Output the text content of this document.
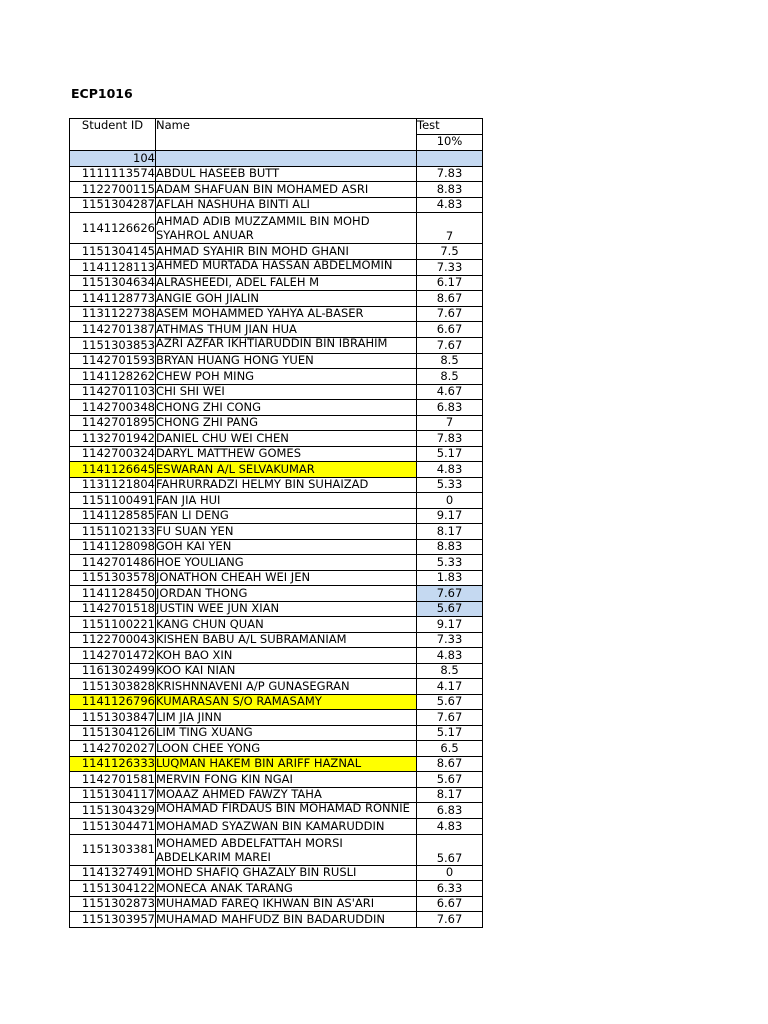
ECP1016
Student ID	Name	Test
		10%
104		
1111113574	ABDUL HASEEB BUTT	7.83
1122700115	ADAM SHAFUAN BIN MOHAMED ASRI	8.83
1151304287	AFLAH NASHUHA BINTI ALI	4.83
1141126626	AHMAD ADIB MUZZAMMIL BIN MOHD SYAHROL ANUAR	7
1151304145	AHMAD SYAHIR BIN MOHD GHANI	7.5
1141128113	AHMED MURTADA HASSAN ABDELMOMIN	7.33
1151304634	ALRASHEEDI, ADEL FALEH M	6.17
1141128773	ANGIE GOH JIALIN	8.67
1131122738	ASEM MOHAMMED YAHYA AL-BASER	7.67
1142701387	ATHMAS THUM JIAN HUA	6.67
1151303853	AZRI AZFAR IKHTIARUDDIN BIN IBRAHIM	7.67
1142701593	BRYAN HUANG HONG YUEN	8.5
1141128262	CHEW POH MING	8.5
1142701103	CHI SHI WEI	4.67
1142700348	CHONG ZHI CONG	6.83
1142701895	CHONG ZHI PANG	7
1132701942	DANIEL CHU WEI CHEN	7.83
1142700324	DARYL MATTHEW GOMES	5.17
1141126645	ESWARAN A/L SELVAKUMAR	4.83
1131121804	FAHRURRADZI HELMY BIN SUHAIZAD	5.33
1151100491	FAN JIA HUI	0
1141128585	FAN LI DENG	9.17
1151102133	FU SUAN YEN	8.17
1141128098	GOH KAI YEN	8.83
1142701486	HOE YOULIANG	5.33
1151303578	JONATHON CHEAH WEI JEN	1.83
1141128450	JORDAN THONG	7.67
1142701518	JUSTIN WEE JUN XIAN	5.67
1151100221	KANG CHUN QUAN	9.17
1122700043	KISHEN BABU A/L SUBRAMANIAM	7.33
1142701472	KOH BAO XIN	4.83
1161302499	KOO KAI NIAN	8.5
1151303828	KRISHNNAVENI A/P GUNASEGRAN	4.17
1141126796	KUMARASAN S/O RAMASAMY	5.67
1151303847	LIM JIA JINN	7.67
1151304126	LIM TING XUANG	5.17
1142702027	LOON CHEE YONG	6.5
1141126333	LUQMAN HAKEM BIN ARIFF HAZNAL	8.67
1142701581	MERVIN FONG KIN NGAI	5.67
1151304117	MOAAZ AHMED FAWZY TAHA	8.17
1151304329	MOHAMAD FIRDAUS BIN MOHAMAD RONNIE	6.83
1151304471	MOHAMAD SYAZWAN BIN KAMARUDDIN	4.83
1151303381	MOHAMED ABDELFATTAH MORSI ABDELKARIM MAREI	5.67
1141327491	MOHD SHAFIQ GHAZALY BIN RUSLI	0
1151304122	MONECA ANAK TARANG	6.33
1151302873	MUHAMAD FAREQ IKHWAN BIN AS'ARI	6.67
1151303957	MUHAMAD MAHFUDZ BIN BADARUDDIN	7.67
